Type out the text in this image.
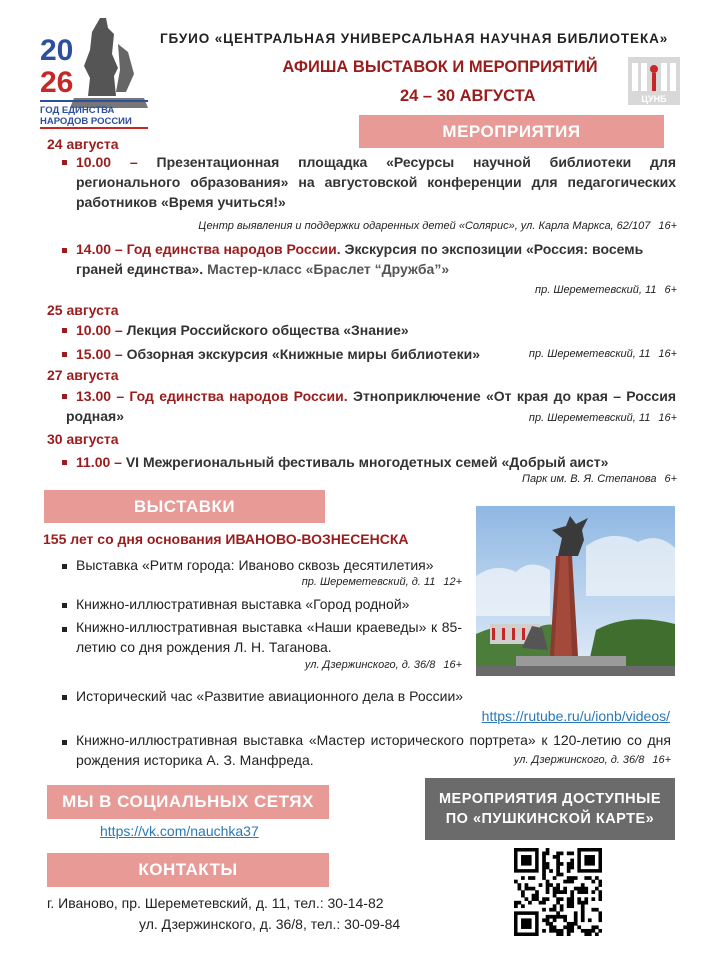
20
26
ГОД ЕДИНСТВА
НАРОДОВ РОССИИ
ГБУИО «ЦЕНТРАЛЬНАЯ УНИВЕРСАЛЬНАЯ НАУЧНАЯ БИБЛИОТЕКА»
АФИША ВЫСТАВОК И МЕРОПРИЯТИЙ
24 – 30 АВГУСТА	ЦУНБ
МЕРОПРИЯТИЯ
24 августа
10.00 – Презентационная площадка «Ресурсы научной библиотеки для регионального образования» на августовской конференции для педагогических работников «Время учиться!»
Центр выявления и поддержки одаренных детей «Солярис», ул. Карла Маркса, 62/107 16+
14.00 – Год единства народов России. Экскурсия по экспозиции «Россия: восемь граней единства». Мастер-класс «Браслет “Дружба”»
пр. Шереметевский, 11 6+
25 августа
10.00 – Лекция Российского общества «Знание»
15.00 – Обзорная экскурсия «Книжные миры библиотеки»	пр. Шереметевский, 11 16+
27 августа
13.00 – Год единства народов России. Этноприключение «От края до края – Россия родная»	пр. Шереметевский, 11 16+
30 августа
11.00 – VI Межрегиональный фестиваль многодетных семей «Добрый аист»
Парк им. В. Я. Степанова 6+
ВЫСТАВКИ
155 лет со дня основания ИВАНОВО-ВОЗНЕСЕНСКА
Выставка «Ритм города: Иваново сквозь десятилетия»
пр. Шереметевский, д. 11 12+
Книжно-иллюстративная выставка «Город родной»
Книжно-иллюстративная выставка «Наши краеведы» к 85-летию со дня рождения Л. Н. Таганова.
ул. Дзержинского, д. 36/8 16+
Исторический час «Развитие авиационного дела в России»
https://rutube.ru/u/ionb/videos/
Книжно-иллюстративная выставка «Мастер исторического портрета» к 120-летию со дня рождения историка А. З. Манфреда.	ул. Дзержинского, д. 36/8 16+
МЫ В СОЦИАЛЬНЫХ СЕТЯХ
https://vk.com/nauchka37
МЕРОПРИЯТИЯ ДОСТУПНЫЕ
ПО «ПУШКИНСКОЙ КАРТЕ»
КОНТАКТЫ
г. Иваново, пр. Шереметевский, д. 11, тел.: 30-14-82
ул. Дзержинского, д. 36/8, тел.: 30-09-84
